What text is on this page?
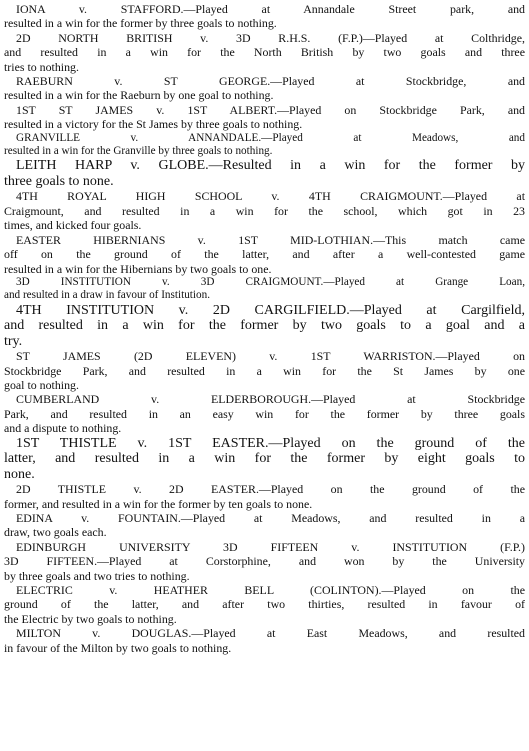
IONA v. STAFFORD.—Played at Annandale Street park, and
resulted in a win for the former by three goals to nothing.

2D NORTH BRITISH v. 3D R.H.S. (F.P.)—Played at Colthridge,
and resulted in a win for the North British by two goals and three
tries to nothing.

RAEBURN v. ST GEORGE.—Played at Stockbridge, and
resulted in a win for the Raeburn by one goal to nothing.

1ST ST JAMES v. 1ST ALBERT.—Played on Stockbridge Park, and
resulted in a victory for the St James by three goals to nothing.

GRANVILLE v. ANNANDALE.—Played at Meadows, and
resulted in a win for the Granville by three goals to nothing.

LEITH HARP v. GLOBE.—Resulted in a win for the former by
three goals to none.

4TH ROYAL HIGH SCHOOL v. 4TH CRAIGMOUNT.—Played at
Craigmount, and resulted in a win for the school, which got in 23
times, and kicked four goals.

EASTER HIBERNIANS v. 1ST MID-LOTHIAN.—This match came
off on the ground of the latter, and after a well-contested game
resulted in a win for the Hibernians by two goals to one.

3D INSTITUTION v. 3D CRAIGMOUNT.—Played at Grange Loan,
and resulted in a draw in favour of Institution.

4TH INSTITUTION v. 2D CARGILFIELD.—Played at Cargilfield,
and resulted in a win for the former by two goals to a goal and a
try.

ST JAMES (2D ELEVEN) v. 1ST WARRISTON.—Played on
Stockbridge Park, and resulted in a win for the St James by one
goal to nothing.

CUMBERLAND v. ELDERBOROUGH.—Played at Stockbridge
Park, and resulted in an easy win for the former by three goals
and a dispute to nothing.

1ST THISTLE v. 1ST EASTER.—Played on the ground of the
latter, and resulted in a win for the former by eight goals to
none.

2D THISTLE v. 2D EASTER.—Played on the ground of the
former, and resulted in a win for the former by ten goals to none.

EDINA v. FOUNTAIN.—Played at Meadows, and resulted in a
draw, two goals each.

EDINBURGH UNIVERSITY 3D FIFTEEN v. INSTITUTION (F.P.)
3D FIFTEEN.—Played at Corstorphine, and won by the University
by three goals and two tries to nothing.

ELECTRIC v. HEATHER BELL (COLINTON).—Played on the
ground of the latter, and after two thirties, resulted in favour of
the Electric by two goals to nothing.

MILTON v. DOUGLAS.—Played at East Meadows, and resulted
in favour of the Milton by two goals to nothing.
